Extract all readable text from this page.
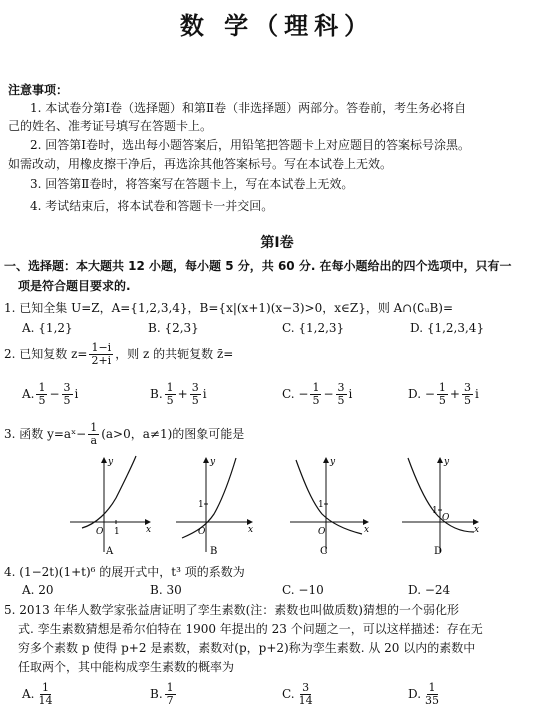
数 学（理科）
注意事项：
1. 本试卷分第Ⅰ卷（选择题）和第Ⅱ卷（非选择题）两部分。答卷前，考生务必将自
己的姓名、准考证号填写在答题卡上。
2. 回答第Ⅰ卷时，选出每小题答案后，用铅笔把答题卡上对应题目的答案标号涂黑。
如需改动，用橡皮擦干净后，再选涂其他答案标号。写在本试卷上无效。
3. 回答第Ⅱ卷时，将答案写在答题卡上，写在本试卷上无效。
4. 考试结束后，将本试卷和答题卡一并交回。
第Ⅰ卷
一、选择题：本大题共 12 小题，每小题 5 分，共 60 分. 在每小题给出的四个选项中，只有一
项是符合题目要求的.
1. 已知全集 U=Z，A={1,2,3,4}，B={x|(x+1)(x−3)>0，x∈Z}，则 A∩(∁ᵤB)=
A. {1,2}	B. {2,3}	C. {1,2,3}	D. {1,2,3,4}
2. 已知复数 $z= \frac{1-i}{2+i}$ ，则 z 的共轭复数 z̄=
A. $\frac{1}{5} - \frac{3}{5}$ i	B. $\frac{1}{5} + \frac{3}{5}$ i	C. − $\frac{1}{5} - \frac{3}{5}$ i	D. − $\frac{1}{5} + \frac{3}{5}$ i
3. 函数 y=aˣ− $\frac{1}{a} (a>0$，a≠1)的图象可能是
y
x
O 1
A
y
x
O
1
B
y
x
O
1
C
y
x
O
1
D
4. (1−2t)(1+t)⁶ 的展开式中，t³ 项的系数为
A. 20	B. 30	C. −10	D. −24
5. 2013 年华人数学家张益唐证明了孪生素数(注：素数也叫做质数)猜想的一个弱化形
式. 孪生素数猜想是希尔伯特在 1900 年提出的 23 个问题之一，可以这样描述：存在无
穷多个素数 p 使得 p+2 是素数，素数对(p，p+2)称为孪生素数. 从 20 以内的素数中
任取两个，其中能构成孪生素数的概率为
A. $\frac{1}{14}$	B. $\frac{1}{7}$	C. $\frac{3}{14}$	D. $\frac{1}{35}$
